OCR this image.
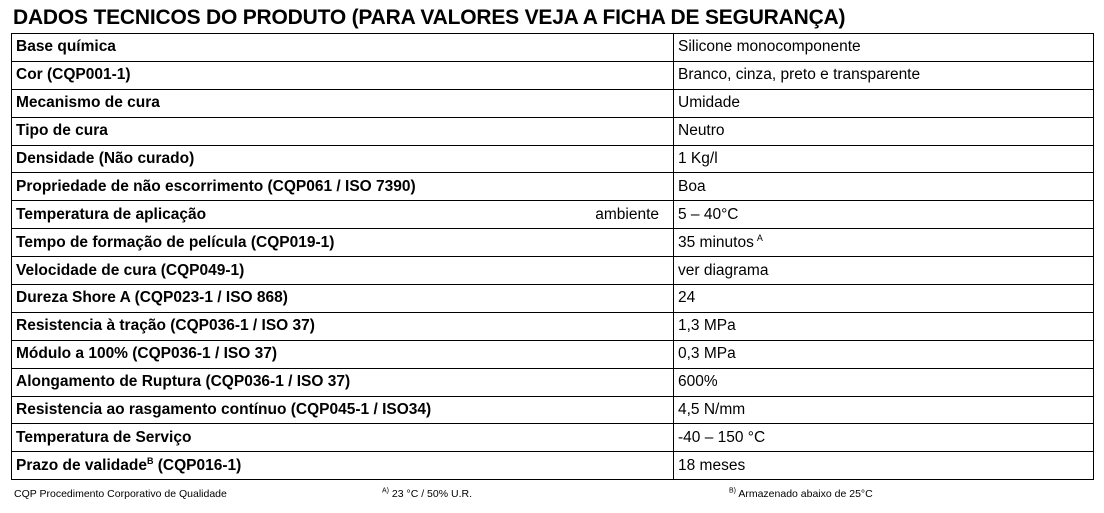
DADOS TECNICOS DO PRODUTO (PARA VALORES VEJA A FICHA DE SEGURANÇA)
Base química	Silicone monocomponente
Cor (CQP001-1)	Branco, cinza, preto e transparente
Mecanismo de cura	Umidade
Tipo de cura	Neutro
Densidade (Não curado)	1 Kg/l
Propriedade de não escorrimento (CQP061 / ISO 7390)	Boa
Temperatura de aplicação ambiente	5 – 40°C
Tempo de formação de película (CQP019-1)	35 minutos $^A$
Velocidade de cura (CQP049-1)	ver diagrama
Dureza Shore A (CQP023-1 / ISO 868)	24
Resistencia à tração (CQP036-1 / ISO 37)	1,3 MPa
Módulo a 100% (CQP036-1 / ISO 37)	0,3 MPa
Alongamento de Ruptura (CQP036-1 / ISO 37)	600%
Resistencia ao rasgamento contínuo (CQP045-1 / ISO34)	4,5 N/mm
Temperatura de Serviço	-40 – 150 °C
Prazo de validade$^B$ (CQP016-1)	18 meses
CQP Procedimento Corporativo de Qualidade	$^{A)}$ 23 °C / 50% U.R.	$^{B)}$ Armazenado abaixo de 25°C
